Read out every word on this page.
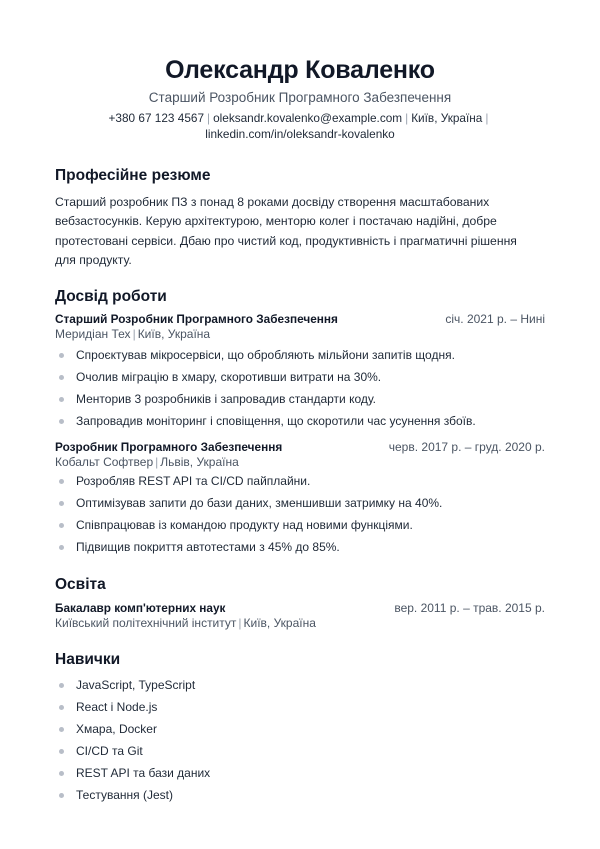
Олександр Коваленко
Старший Розробник Програмного Забезпечення
+380 67 123 4567 | oleksandr.kovalenko@example.com | Київ, Україна |
linkedin.com/in/oleksandr-kovalenko
Професійне резюме
Старший розробник ПЗ з понад 8 роками досвіду створення масштабованих вебзастосунків. Керую архітектурою, менторю колег і постачаю надійні, добре протестовані сервіси. Дбаю про чистий код, продуктивність і прагматичні рішення для продукту.
Досвід роботи
Старший Розробник Програмного Забезпечення	січ. 2021 р. – Нині
Меридіан Тех | Київ, Україна
Спроєктував мікросервіси, що обробляють мільйони запитів щодня.
Очолив міграцію в хмару, скоротивши витрати на 30%.
Менторив 3 розробників і запровадив стандарти коду.
Запровадив моніторинг і сповіщення, що скоротили час усунення збоїв.
Розробник Програмного Забезпечення	черв. 2017 р. – груд. 2020 р.
Кобальт Софтвер | Львів, Україна
Розробляв REST API та CI/CD пайплайни.
Оптимізував запити до бази даних, зменшивши затримку на 40%.
Співпрацював із командою продукту над новими функціями.
Підвищив покриття автотестами з 45% до 85%.
Освіта
Бакалавр комп'ютерних наук	вер. 2011 р. – трав. 2015 р.
Київський політехнічний інститут | Київ, Україна
Навички
JavaScript, TypeScript
React і Node.js
Хмара, Docker
CI/CD та Git
REST API та бази даних
Тестування (Jest)
